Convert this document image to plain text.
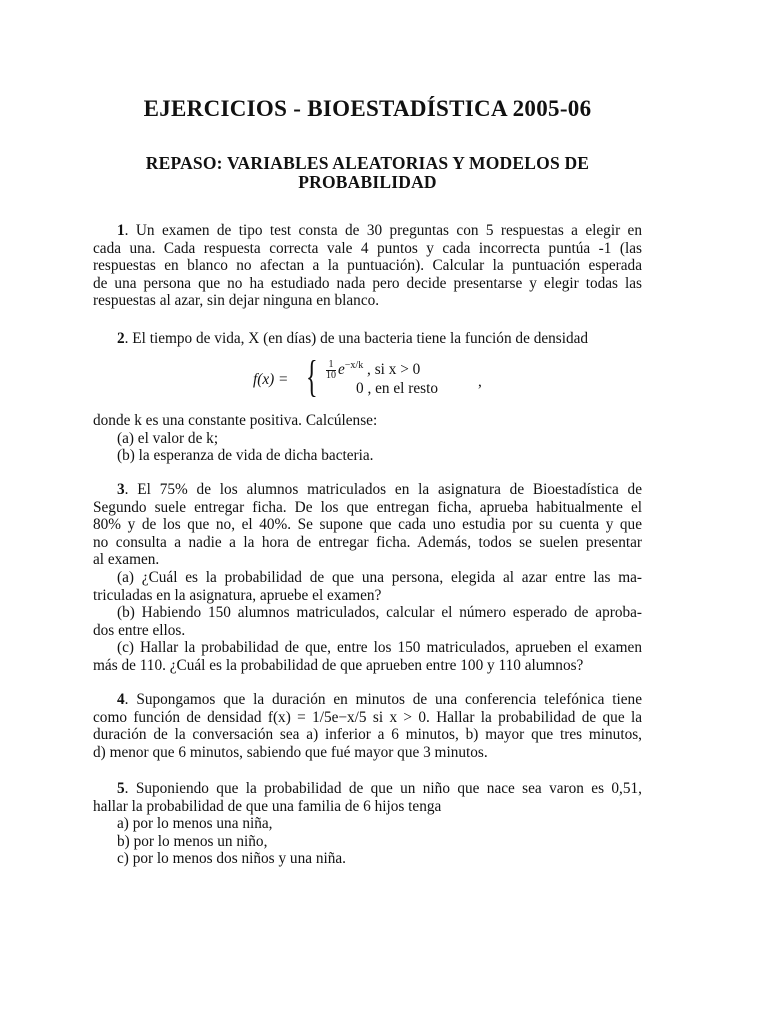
EJERCICIOS - BIOESTADÍSTICA 2005-06
REPASO: VARIABLES ALEATORIAS Y MODELOS DE
PROBABILIDAD
1. Un examen de tipo test consta de 30 preguntas con 5 respuestas a elegir en
cada una. Cada respuesta correcta vale 4 puntos y cada incorrecta puntúa -1 (las
respuestas en blanco no afectan a la puntuación). Calcular la puntuación esperada
de una persona que no ha estudiado nada pero decide presentarse y elegir todas las
respuestas al azar, sin dejar ninguna en blanco.
2. El tiempo de vida, X (en días) de una bacteria tiene la función de densidad
f(x) = { $\frac{1}{10} e^{-x/k}$ , si x > 0
0 , en el resto	,
donde k es una constante positiva. Calcúlense:
(a) el valor de k;
(b) la esperanza de vida de dicha bacteria.
3. El 75% de los alumnos matriculados en la asignatura de Bioestadística de
Segundo suele entregar ficha. De los que entregan ficha, aprueba habitualmente el
80% y de los que no, el 40%. Se supone que cada uno estudia por su cuenta y que
no consulta a nadie a la hora de entregar ficha. Además, todos se suelen presentar
al examen.
(a) ¿Cuál es la probabilidad de que una persona, elegida al azar entre las ma-
triculadas en la asignatura, apruebe el examen?
(b) Habiendo 150 alumnos matriculados, calcular el número esperado de aproba-
dos entre ellos.
(c) Hallar la probabilidad de que, entre los 150 matriculados, aprueben el examen
más de 110. ¿Cuál es la probabilidad de que aprueben entre 100 y 110 alumnos?
4. Supongamos que la duración en minutos de una conferencia telefónica tiene
como función de densidad f(x) = 1/5e−x/5 si x > 0. Hallar la probabilidad de que la
duración de la conversación sea a) inferior a 6 minutos, b) mayor que tres minutos,
d) menor que 6 minutos, sabiendo que fué mayor que 3 minutos.
5. Suponiendo que la probabilidad de que un niño que nace sea varon es 0,51,
hallar la probabilidad de que una familia de 6 hijos tenga
a) por lo menos una niña,
b) por lo menos un niño,
c) por lo menos dos niños y una niña.
